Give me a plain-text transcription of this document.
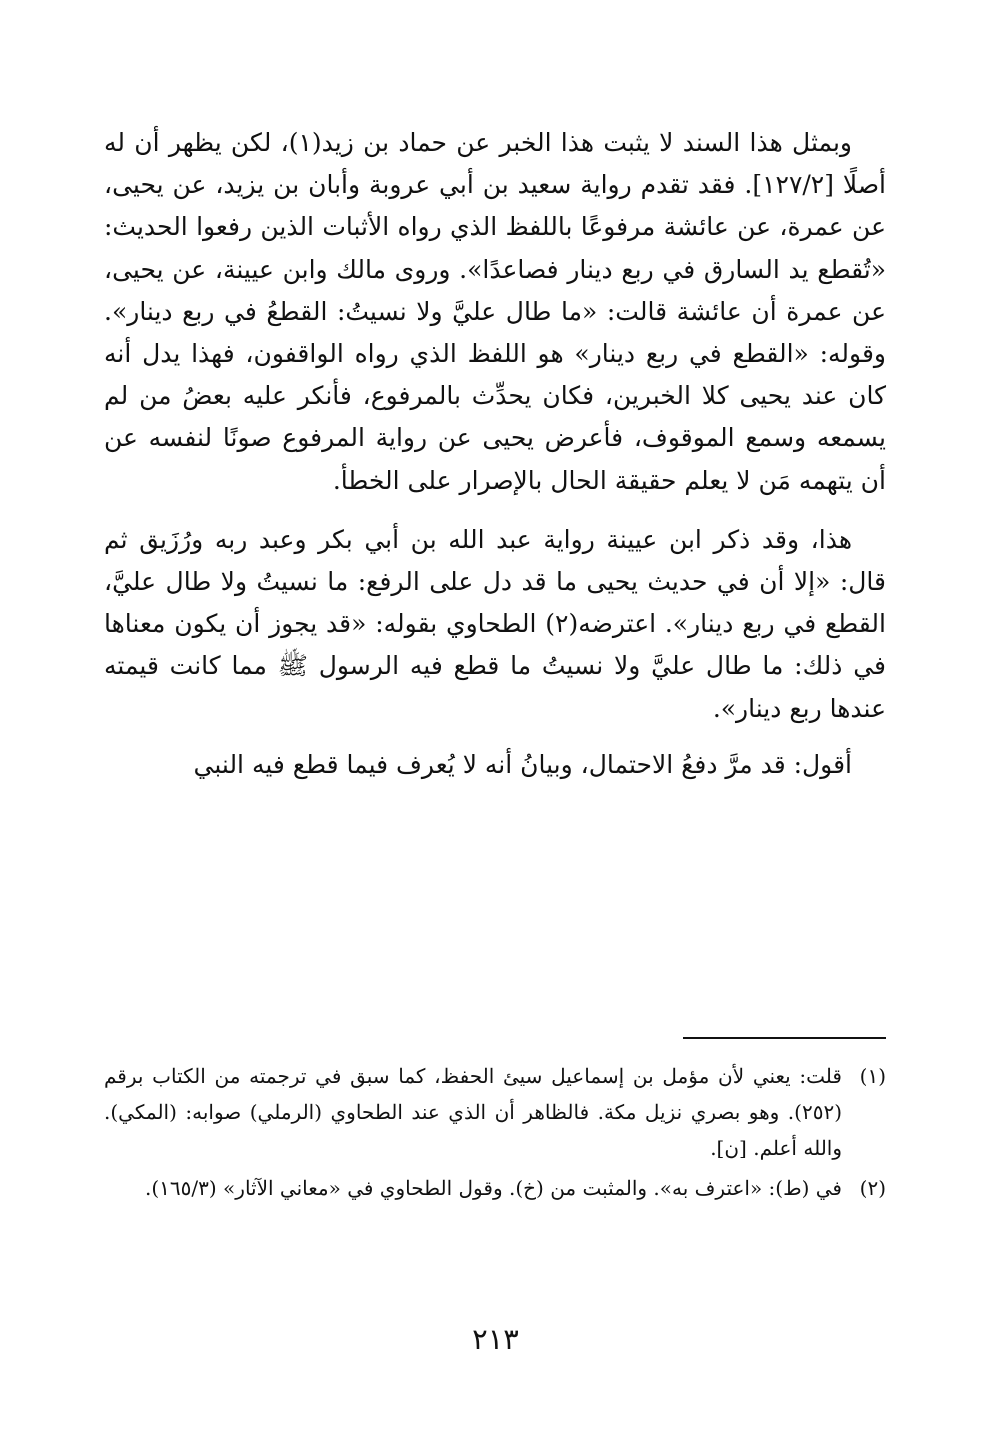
وبمثل هذا السند لا يثبت هذا الخبر عن حماد بن زيد(١)، لكن يظهر أن له أصلًا [١٢٧/٢]. فقد تقدم رواية سعيد بن أبي عروبة وأبان بن يزيد، عن يحيى، عن عمرة، عن عائشة مرفوعًا باللفظ الذي رواه الأثبات الذين رفعوا الحديث: «تُقطع يد السارق في ربع دينار فصاعدًا». وروى مالك وابن عيينة، عن يحيى، عن عمرة أن عائشة قالت: «ما طال عليَّ ولا نسيتُ: القطعُ في ربع دينار». وقوله: «القطع في ربع دينار» هو اللفظ الذي رواه الواقفون، فهذا يدل أنه كان عند يحيى كلا الخبرين، فكان يحدِّث بالمرفوع، فأنكر عليه بعضُ من لم يسمعه وسمع الموقوف، فأعرض يحيى عن رواية المرفوع صونًا لنفسه عن أن يتهمه مَن لا يعلم حقيقة الحال بالإصرار على الخطأ.

هذا، وقد ذكر ابن عيينة رواية عبد الله بن أبي بكر وعبد ربه ورُزَيق ثم قال: «إلا أن في حديث يحيى ما قد دل على الرفع: ما نسيتُ ولا طال عليَّ، القطع في ربع دينار». اعترضه(٢) الطحاوي بقوله: «قد يجوز أن يكون معناها في ذلك: ما طال عليَّ ولا نسيتُ ما قطع فيه الرسول ﷺ مما كانت قيمته عندها ربع دينار».

أقول: قد مرَّ دفعُ الاحتمال، وبيانُ أنه لا يُعرف فيما قطع فيه النبي

(١)
قلت: يعني لأن مؤمل بن إسماعيل سيئ الحفظ، كما سبق في ترجمته من الكتاب برقم (٢٥٢). وهو بصري نزيل مكة. فالظاهر أن الذي عند الطحاوي (الرملي) صوابه: (المكي). والله أعلم. [ن].
(٢)
في (ط): «اعترف به». والمثبت من (خ). وقول الطحاوي في «معاني الآثار» (١٦٥/٣).
٢١٣
